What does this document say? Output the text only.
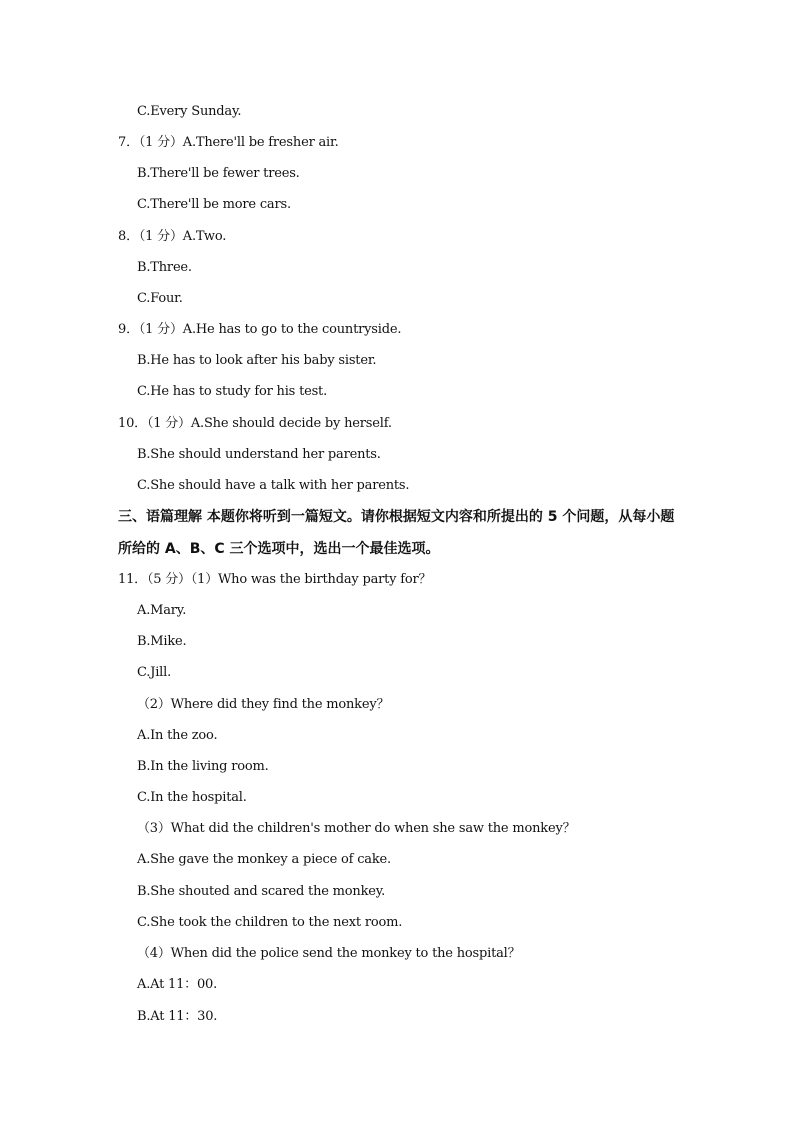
C.Every Sunday.
7．（1 分）A.There'll be fresher air.
B.There'll be fewer trees.
C.There'll be more cars.
8．（1 分）A.Two.
B.Three.
C.Four.
9．（1 分）A.He has to go to the countryside.
B.He has to look after his baby sister.
C.He has to study for his test.
10．（1 分）A.She should decide by herself.
B.She should understand her parents.
C.She should have a talk with her parents.
三、语篇理解 本题你将听到一篇短文。请你根据短文内容和所提出的 5 个问题，从每小题
所给的 A、B、C 三个选项中，选出一个最佳选项。
11．（5 分）（1）Who was the birthday party for？
A.Mary.
B.Mike.
C.Jill.
（2）Where did they find the monkey？
A.In the zoo.
B.In the living room.
C.In the hospital.
（3）What did the children's mother do when she saw the monkey？
A.She gave the monkey a piece of cake.
B.She shouted and scared the monkey.
C.She took the children to the next room.
（4）When did the police send the monkey to the hospital？
A.At 11：00.
B.At 11：30.
